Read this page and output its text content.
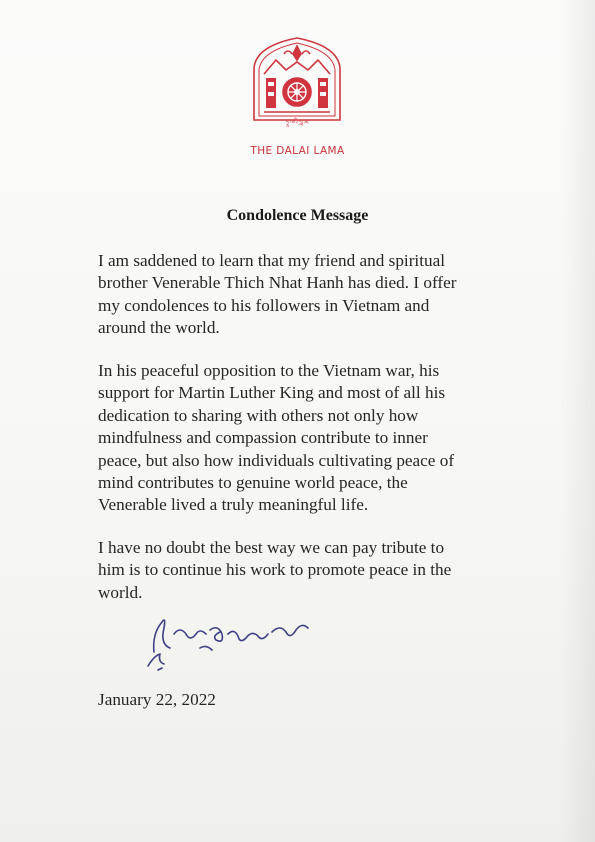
ཏཱ་ལའི་བླ་མ
THE DALAI LAMA
Condolence Message

I am saddened to learn that my friend and spiritual
brother Venerable Thich Nhat Hanh has died. I offer
my condolences to his followers in Vietnam and
around the world.

In his peaceful opposition to the Vietnam war, his
support for Martin Luther King and most of all his
dedication to sharing with others not only how
mindfulness and compassion contribute to inner
peace, but also how individuals cultivating peace of
mind contributes to genuine world peace, the
Venerable lived a truly meaningful life.

I have no doubt the best way we can pay tribute to
him is to continue his work to promote peace in the
world.

January 22, 2022
